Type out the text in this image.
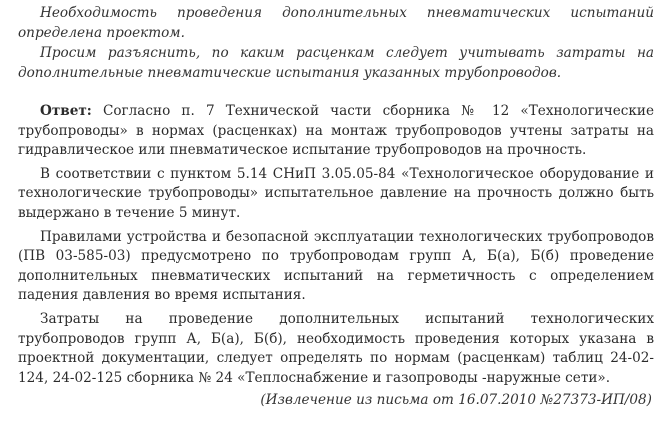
Необходимость проведения дополнительных пневматических испытаний определена проектом.

Просим разъяснить, по каким расценкам следует учитывать затраты на дополнительные пневматические испытания указанных трубопроводов.

Ответ: Согласно п. 7 Технической части сборника № 12 «Технологические трубопроводы» в нормах (расценках) на монтаж трубопроводов учтены затраты на гидравлическое или пневматическое испытание трубопроводов на прочность.

В соответствии с пунктом 5.14 СНиП 3.05.05-84 «Технологическое оборудование и технологические трубопроводы» испытательное давление на прочность должно быть выдержано в течение 5 минут.

Правилами устройства и безопасной эксплуатации технологических трубопроводов (ПВ 03-585-03) предусмотрено по трубопроводам групп А, Б(а), Б(б) проведение дополнительных пневматических испытаний на герметичность с определением падения давления во время испытания.

Затраты на проведение дополнительных испытаний технологических трубопроводов групп А, Б(а), Б(б), необходимость проведения которых указана в проектной документации, следует определять по нормам (расценкам) таблиц 24-02-124, 24-02-125 сборника № 24 «Теплоснабжение и газопроводы -наружные сети».

(Извлечение из письма от 16.07.2010 №27373-ИП/08)
